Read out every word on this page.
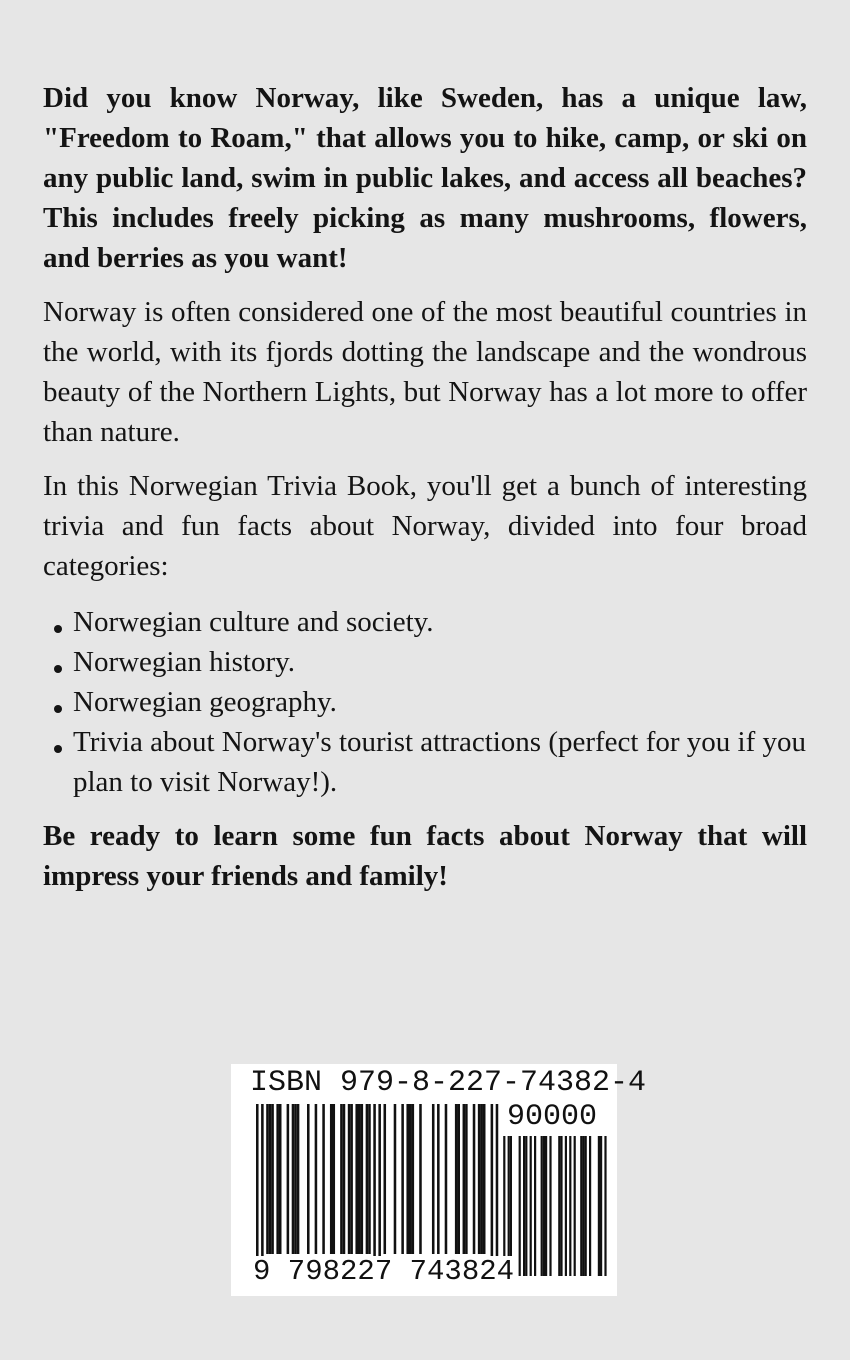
Did you know Norway, like Sweden, has a unique law, "Freedom to Roam," that allows you to hike, camp, or ski on any public land, swim in public lakes, and access all beaches? This includes freely picking as many mushrooms, flowers, and berries as you want!

Norway is often considered one of the most beautiful countries in the world, with its fjords dotting the landscape and the wondrous beauty of the Northern Lights, but Norway has a lot more to offer than nature.

In this Norwegian Trivia Book, you'll get a bunch of interesting trivia and fun facts about Norway, divided into four broad categories:

Norwegian culture and society.
Norwegian history.
Norwegian geography.
Trivia about Norway's tourist attractions (perfect for you if you plan to visit Norway!).

Be ready to learn some fun facts about Norway that will impress your friends and family!

ISBN 979-8-227-74382-4
90000
9 798227 743824
